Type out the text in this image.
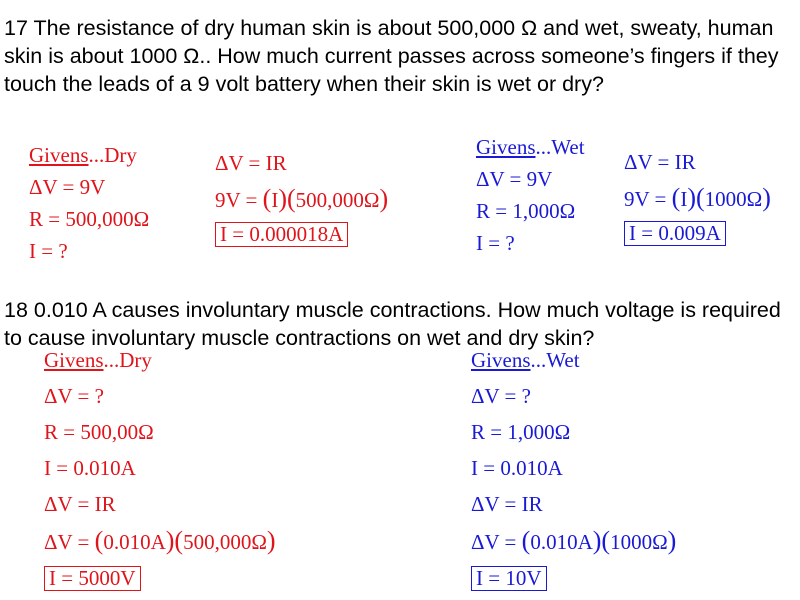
17 The resistance of dry human skin is about 500,000 Ω and wet, sweaty, human skin is about 1000 Ω.. How much current passes across someone’s fingers if they touch the leads of a 9 volt battery when their skin is wet or dry?
Givens...Dry
ΔV = 9V
R = 500,000Ω
I = ?
ΔV = IR
9V = (I)(500,000Ω)
I = 0.000018A
Givens...Wet
ΔV = 9V
R = 1,000Ω
I = ?
ΔV = IR
9V = (I)(1000Ω)
I = 0.009A
18 0.010 A causes involuntary muscle contractions. How much voltage is required to cause involuntary muscle contractions on wet and dry skin?
Givens...Dry
ΔV = ?
R = 500,00Ω
I = 0.010A
ΔV = IR
ΔV = (0.010A)(500,000Ω)
I = 5000V
Givens...Wet
ΔV = ?
R = 1,000Ω
I = 0.010A
ΔV = IR
ΔV = (0.010A)(1000Ω)
I = 10V
